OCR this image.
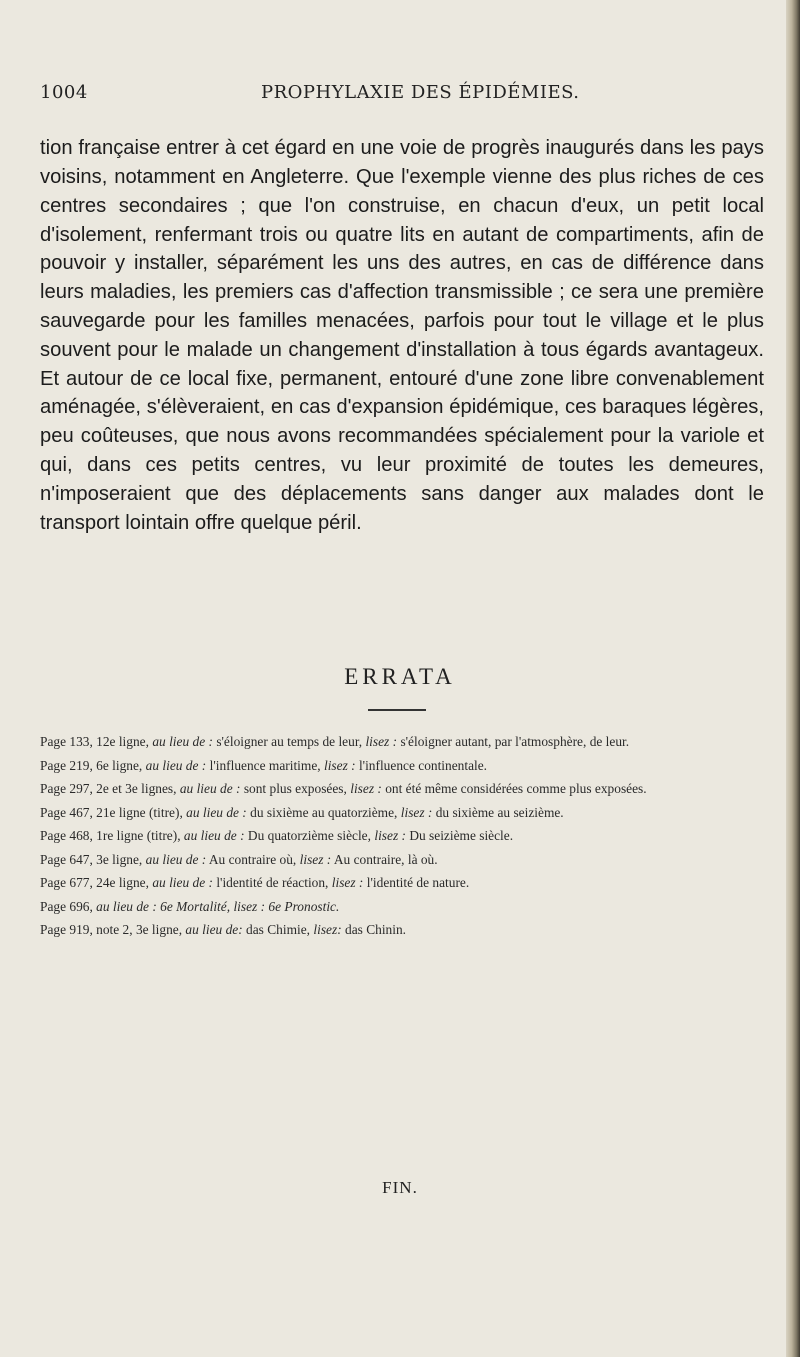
1004	PROPHYLAXIE DES ÉPIDÉMIES.

tion française entrer à cet égard en une voie de progrès inaugurés dans les pays voisins, notamment en Angleterre. Que l'exemple vienne des plus riches de ces centres secondaires ; que l'on construise, en chacun d'eux, un petit local d'isolement, renfermant trois ou quatre lits en autant de compartiments, afin de pouvoir y installer, séparément les uns des autres, en cas de différence dans leurs maladies, les premiers cas d'affection transmissible ; ce sera une première sauvegarde pour les familles menacées, parfois pour tout le village et le plus souvent pour le malade un changement d'installation à tous égards avantageux. Et autour de ce local fixe, permanent, entouré d'une zone libre convenablement aménagée, s'élèveraient, en cas d'expansion épidémique, ces baraques légères, peu coûteuses, que nous avons recommandées spécialement pour la variole et qui, dans ces petits centres, vu leur proximité de toutes les demeures, n'imposeraient que des déplacements sans danger aux malades dont le transport lointain offre quelque péril.

ERRATA
Page 133, 12e ligne, au lieu de : s'éloigner au temps de leur, lisez : s'éloigner autant, par l'atmosphère, de leur.
Page 219, 6e ligne, au lieu de : l'influence maritime, lisez : l'influence continentale.
Page 297, 2e et 3e lignes, au lieu de : sont plus exposées, lisez : ont été même considérées comme plus exposées.
Page 467, 21e ligne (titre), au lieu de : du sixième au quatorzième, lisez : du sixième au seizième.
Page 468, 1re ligne (titre), au lieu de : Du quatorzième siècle, lisez : Du seizième siècle.
Page 647, 3e ligne, au lieu de : Au contraire où, lisez : Au contraire, là où.
Page 677, 24e ligne, au lieu de : l'identité de réaction, lisez : l'identité de nature.
Page 696, au lieu de : 6e Mortalité, lisez : 6e Pronostic.
Page 919, note 2, 3e ligne, au lieu de: das Chimie, lisez: das Chinin.
FIN.
